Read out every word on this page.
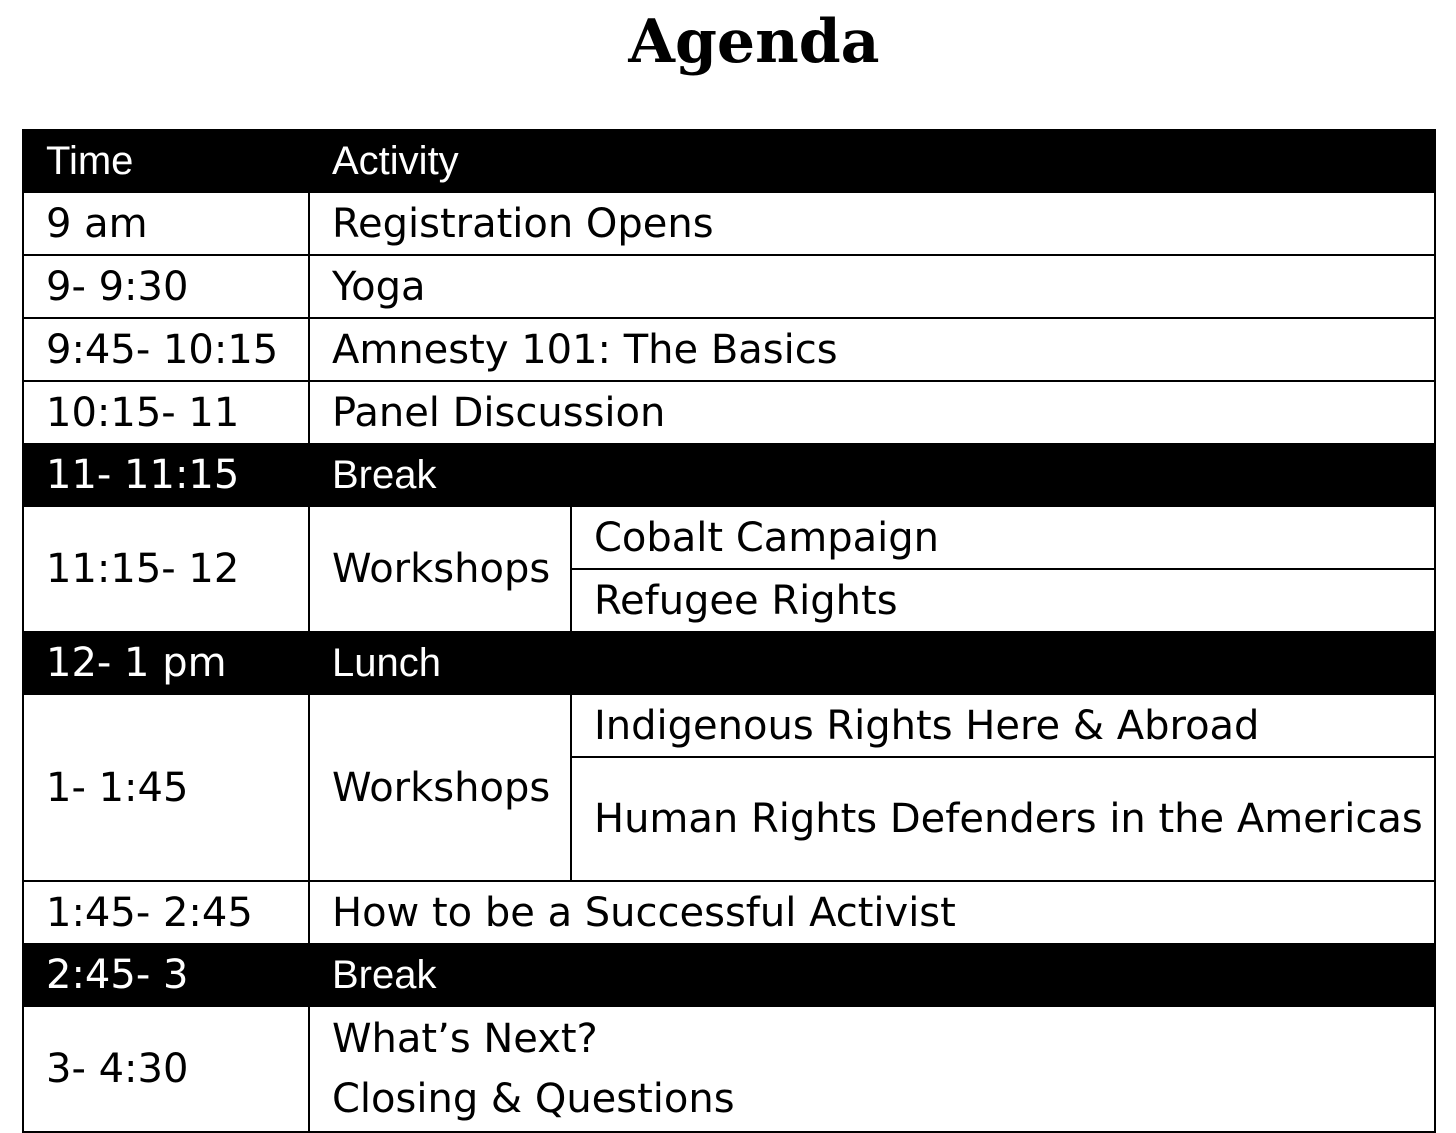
Agenda
Time	Activity	
9 am	Registration Opens	
9- 9:30	Yoga	
9:45- 10:15	Amnesty 101: The Basics	
10:15- 11	Panel Discussion	
11- 11:15	Break	
11:15- 12	Workshops	Cobalt Campaign
		Refugee Rights
12- 1 pm	Lunch	
1- 1:45	Workshops	Indigenous Rights Here & Abroad
		Human Rights Defenders in the Americas
1:45- 2:45	How to be a Successful Activist	
2:45- 3	Break	
3- 4:30	What’s Next?
Closing & Questions	
